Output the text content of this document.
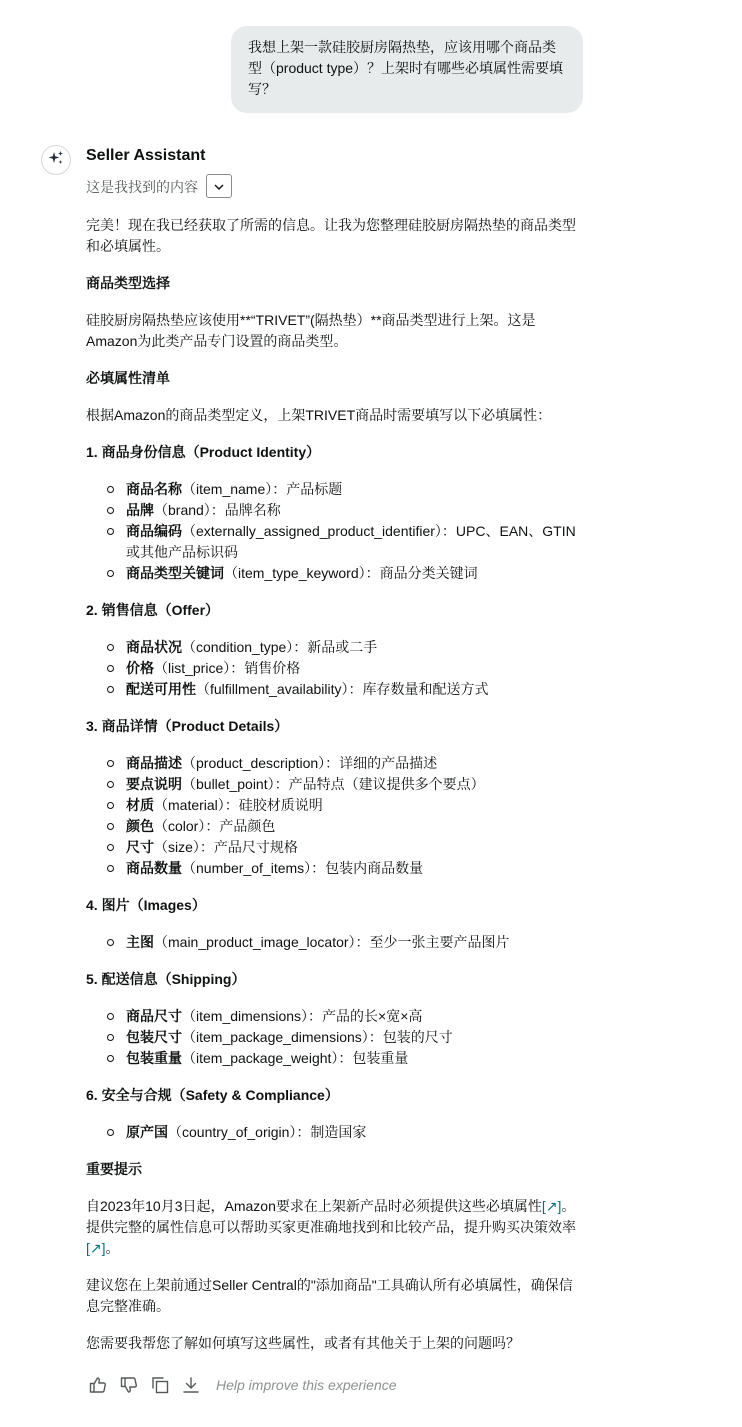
我想上架一款硅胶厨房隔热垫，应该用哪个商品类型（product type）？上架时有哪些必填属性需要填写？
Seller Assistant
这是我找到的内容

完美！现在我已经获取了所需的信息。让我为您整理硅胶厨房隔热垫的商品类型和必填属性。

商品类型选择

硅胶厨房隔热垫应该使用**“TRIVET”(隔热垫）**商品类型进行上架。这是Amazon为此类产品专门设置的商品类型。

必填属性清单

根据Amazon的商品类型定义，上架TRIVET商品时需要填写以下必填属性：

1. 商品身份信息（Product Identity）
商品名称（item_name）：产品标题
品牌（brand）：品牌名称
商品编码（externally_assigned_product_identifier）：UPC、EAN、GTIN或其他产品标识码
商品类型关键词（item_type_keyword）：商品分类关键词
2. 销售信息（Offer）
商品状况（condition_type）：新品或二手
价格（list_price）：销售价格
配送可用性（fulfillment_availability）：库存数量和配送方式
3. 商品详情（Product Details）
商品描述（product_description）：详细的产品描述
要点说明（bullet_point）：产品特点（建议提供多个要点）
材质（material）：硅胶材质说明
颜色（color）：产品颜色
尺寸（size）：产品尺寸规格
商品数量（number_of_items）：包装内商品数量
4. 图片（Images）
主图（main_product_image_locator）：至少一张主要产品图片
5. 配送信息（Shipping）
商品尺寸（item_dimensions）：产品的长×宽×高
包装尺寸（item_package_dimensions）：包装的尺寸
包装重量（item_package_weight）：包装重量
6. 安全与合规（Safety & Compliance）
原产国（country_of_origin）：制造国家
重要提示

自2023年10月3日起，Amazon要求在上架新产品时必须提供这些必填属性[↗]。提供完整的属性信息可以帮助买家更准确地找到和比较产品，提升购买决策效率[↗]。

建议您在上架前通过Seller Central的"添加商品"工具确认所有必填属性，确保信息完整准确。

您需要我帮您了解如何填写这些属性，或者有其他关于上架的问题吗？

Help improve this experience
